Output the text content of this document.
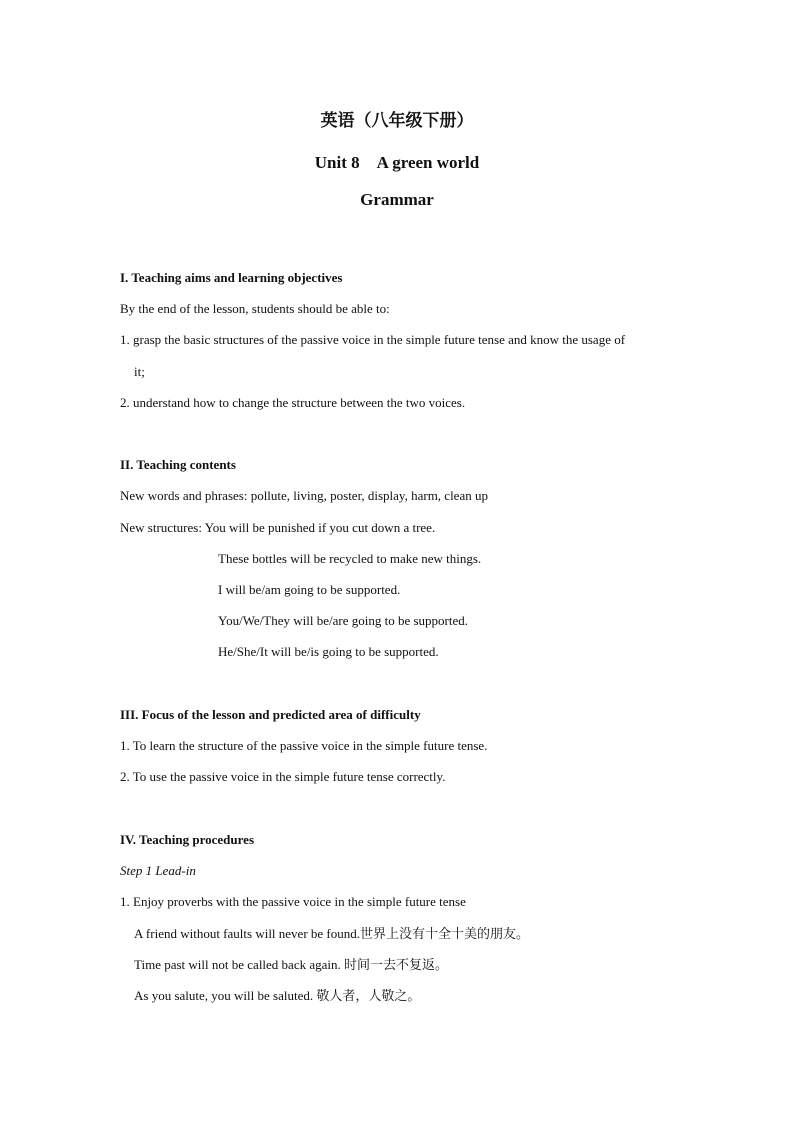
英语（八年级下册）
Unit 8　A green world
Grammar
I. Teaching aims and learning objectives
By the end of the lesson, students should be able to:
1. grasp the basic structures of the passive voice in the simple future tense and know the usage of
it;
2. understand how to change the structure between the two voices.
II. Teaching contents
New words and phrases: pollute, living, poster, display, harm, clean up
New structures: You will be punished if you cut down a tree.
These bottles will be recycled to make new things.
I will be/am going to be supported.
You/We/They will be/are going to be supported.
He/She/It will be/is going to be supported.
III. Focus of the lesson and predicted area of difficulty
1. To learn the structure of the passive voice in the simple future tense.
2. To use the passive voice in the simple future tense correctly.
IV. Teaching procedures
Step 1 Lead-in
1. Enjoy proverbs with the passive voice in the simple future tense
A friend without faults will never be found.世界上没有十全十美的朋友。
Time past will not be called back again. 时间一去不复返。
As you salute, you will be saluted. 敬人者，人敬之。
